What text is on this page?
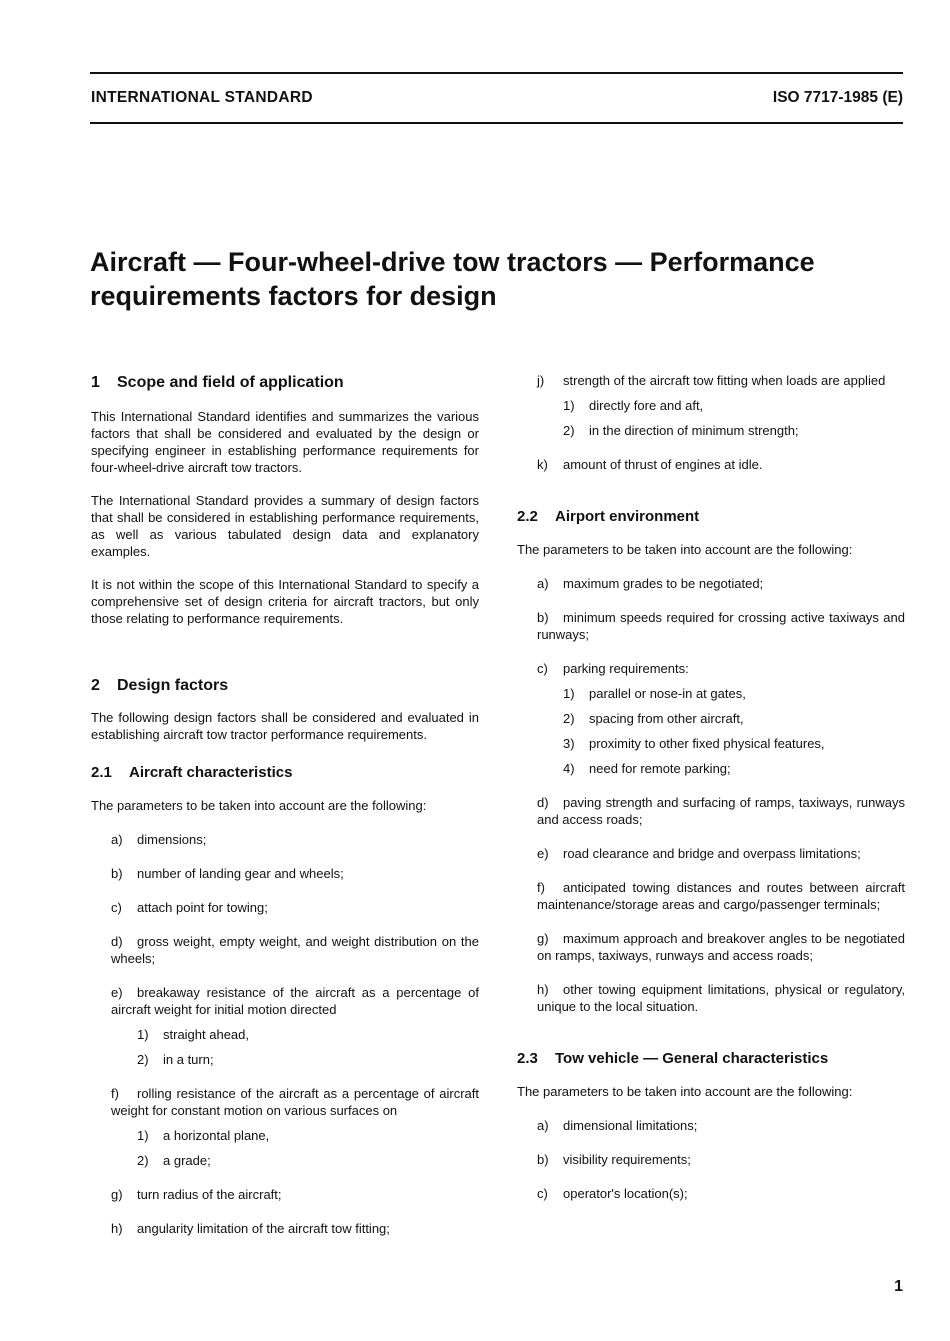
INTERNATIONAL STANDARD	ISO 7717-1985 (E)
Aircraft — Four-wheel-drive tow tractors — Performance requirements factors for design
1 Scope and field of application

This International Standard identifies and summarizes the various factors that shall be considered and evaluated by the design or specifying engineer in establishing performance requirements for four-wheel-drive aircraft tow tractors.

The International Standard provides a summary of design factors that shall be considered in establishing performance requirements, as well as various tabulated design data and explanatory examples.

It is not within the scope of this International Standard to specify a comprehensive set of design criteria for aircraft tractors, but only those relating to performance requirements.

2 Design factors

The following design factors shall be considered and evaluated in establishing aircraft tow tractor performance requirements.

2.1 Aircraft characteristics

The parameters to be taken into account are the following:

a) dimensions;

b) number of landing gear and wheels;

c) attach point for towing;

d) gross weight, empty weight, and weight distribution on the wheels;

e) breakaway resistance of the aircraft as a percentage of aircraft weight for initial motion directed

1) straight ahead,

2) in a turn;

f) rolling resistance of the aircraft as a percentage of aircraft weight for constant motion on various surfaces on

1) a horizontal plane,

2) a grade;

g) turn radius of the aircraft;

h) angularity limitation of the aircraft tow fitting;

j) strength of the aircraft tow fitting when loads are applied

1) directly fore and aft,

2) in the direction of minimum strength;

k) amount of thrust of engines at idle.

2.2 Airport environment

The parameters to be taken into account are the following:

a) maximum grades to be negotiated;

b) minimum speeds required for crossing active taxiways and runways;

c) parking requirements:

1) parallel or nose-in at gates,

2) spacing from other aircraft,

3) proximity to other fixed physical features,

4) need for remote parking;

d) paving strength and surfacing of ramps, taxiways, runways and access roads;

e) road clearance and bridge and overpass limitations;

f) anticipated towing distances and routes between aircraft maintenance/storage areas and cargo/passenger terminals;

g) maximum approach and breakover angles to be negotiated on ramps, taxiways, runways and access roads;

h) other towing equipment limitations, physical or regulatory, unique to the local situation.

2.3 Tow vehicle — General characteristics

The parameters to be taken into account are the following:

a) dimensional limitations;

b) visibility requirements;

c) operator's location(s);

1
